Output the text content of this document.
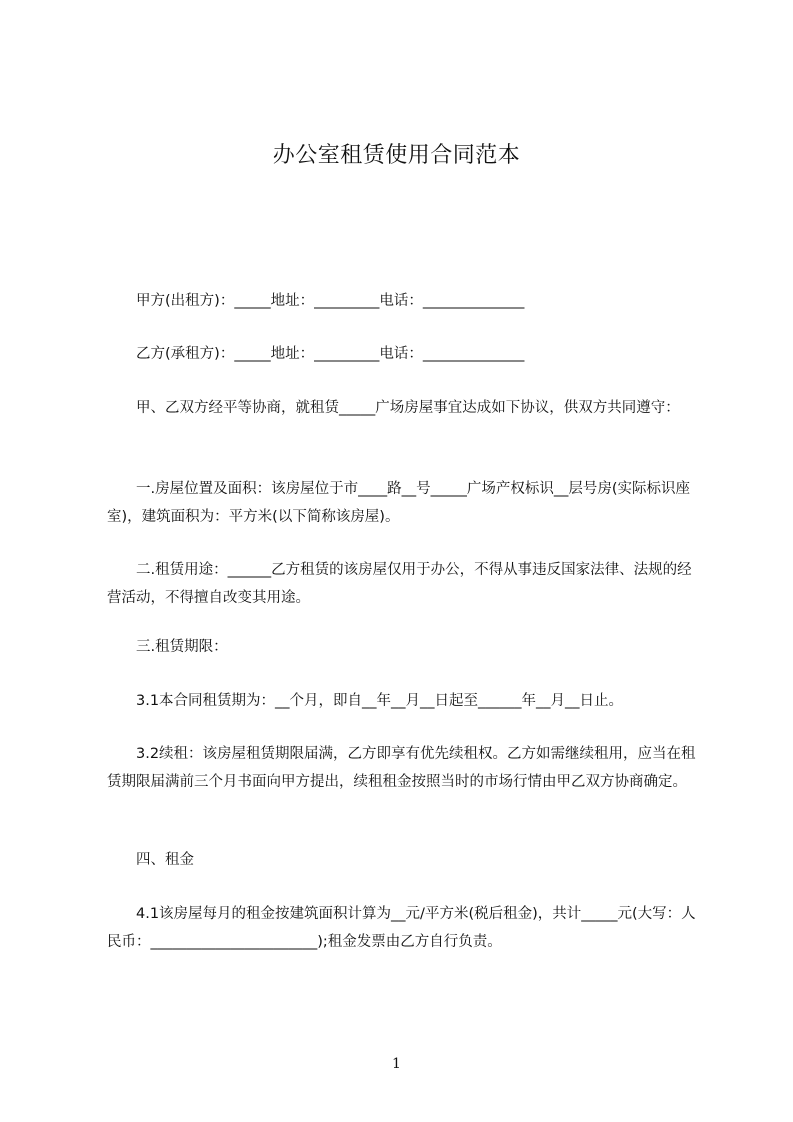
办公室租赁使用合同范本

　　甲方(出租方)：_____地址：_________电话：______________

　　乙方(承租方)：_____地址：_________电话：______________

　　甲、乙双方经平等协商，就租赁_____广场房屋事宜达成如下协议，供双方共同遵守：

　　一.房屋位置及面积：该房屋位于市____路__号_____广场产权标识__层号房(实际标识座室)，建筑面积为：平方米(以下简称该房屋)。

　　二.租赁用途：______乙方租赁的该房屋仅用于办公，不得从事违反国家法律、法规的经营活动，不得擅自改变其用途。

　　三.租赁期限：

　　3.1本合同租赁期为：__个月，即自__年__月__日起至______年__月__日止。

　　3.2续租：该房屋租赁期限届满，乙方即享有优先续租权。乙方如需继续租用，应当在租赁期限届满前三个月书面向甲方提出，续租租金按照当时的市场行情由甲乙双方协商确定。

　　四、租金

　　4.1该房屋每月的租金按建筑面积计算为__元/平方米(税后租金)，共计_____元(大写：人民币：_______________________);租金发票由乙方自行负责。

1
